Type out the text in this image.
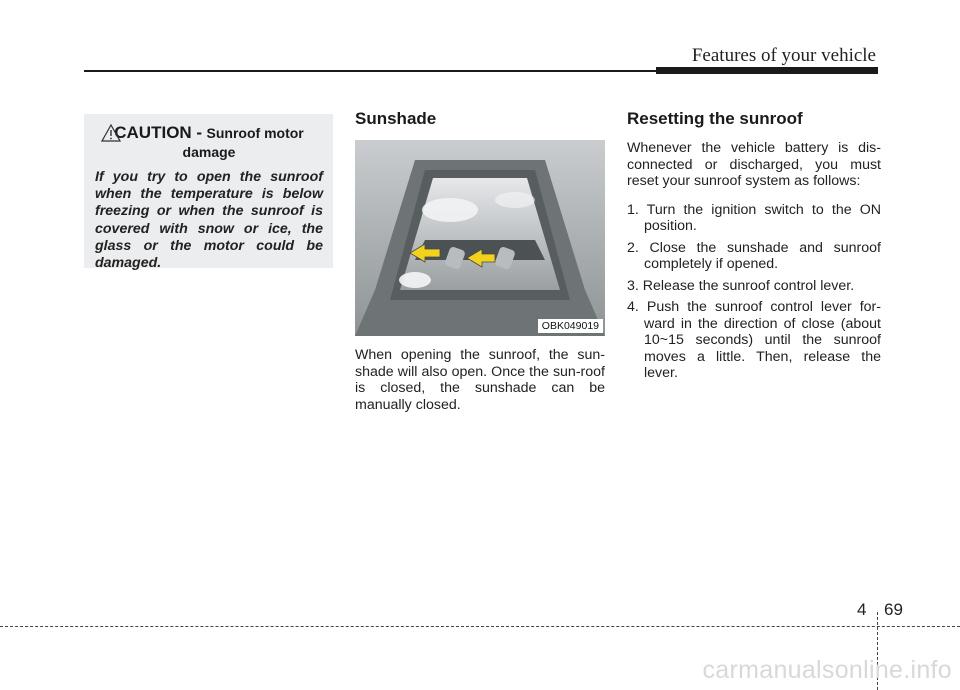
Features of your vehicle
CAUTION - Sunroof motor
damage
If you try to open the sunroof when the temperature is below freezing or when the sunroof is covered with snow or ice, the glass or the motor could be damaged.
Sunshade
OBK049019

When opening the sunroof, the sun-shade will also open. Once the sun-roof is closed, the sunshade can be manually closed.

Resetting the sunroof

Whenever the vehicle battery is dis-connected or discharged, you must reset your sunroof system as follows:

1. Turn the ignition switch to the ON position.
2. Close the sunshade and sunroof completely if opened.
3. Release the sunroof control lever.
4. Push the sunroof control lever for-ward in the direction of close (about 10~15 seconds) until the sunroof moves a little. Then, release the lever.
4 69
carmanualsonline.info
